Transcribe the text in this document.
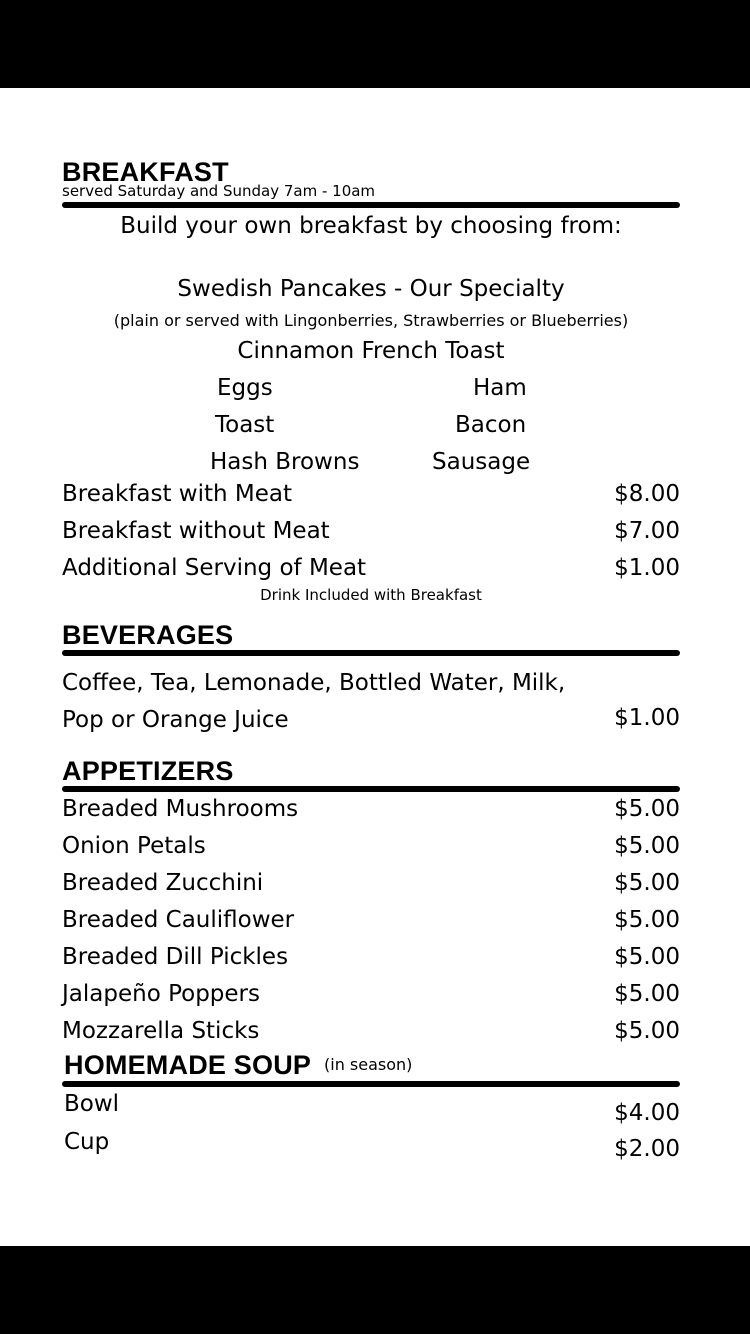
BREAKFAST
served Saturday and Sunday 7am - 10am
Build your own breakfast by choosing from:
Swedish Pancakes - Our Specialty
(plain or served with Lingonberries, Strawberries or Blueberries)
Cinnamon French Toast
Eggs	Ham
Toast	Bacon
Hash Browns	Sausage
Breakfast with Meat	$8.00
Breakfast without Meat	$7.00
Additional Serving of Meat	$1.00
Drink Included with Breakfast
BEVERAGES
Coffee, Tea, Lemonade, Bottled Water, Milk,
Pop or Orange Juice	$1.00
APPETIZERS
Breaded Mushrooms	$5.00
Onion Petals	$5.00
Breaded Zucchini	$5.00
Breaded Cauliflower	$5.00
Breaded Dill Pickles	$5.00
Jalapeño Poppers	$5.00
Mozzarella Sticks	$5.00
HOMEMADE SOUP (in season)
Bowl	$4.00
Cup	$2.00
